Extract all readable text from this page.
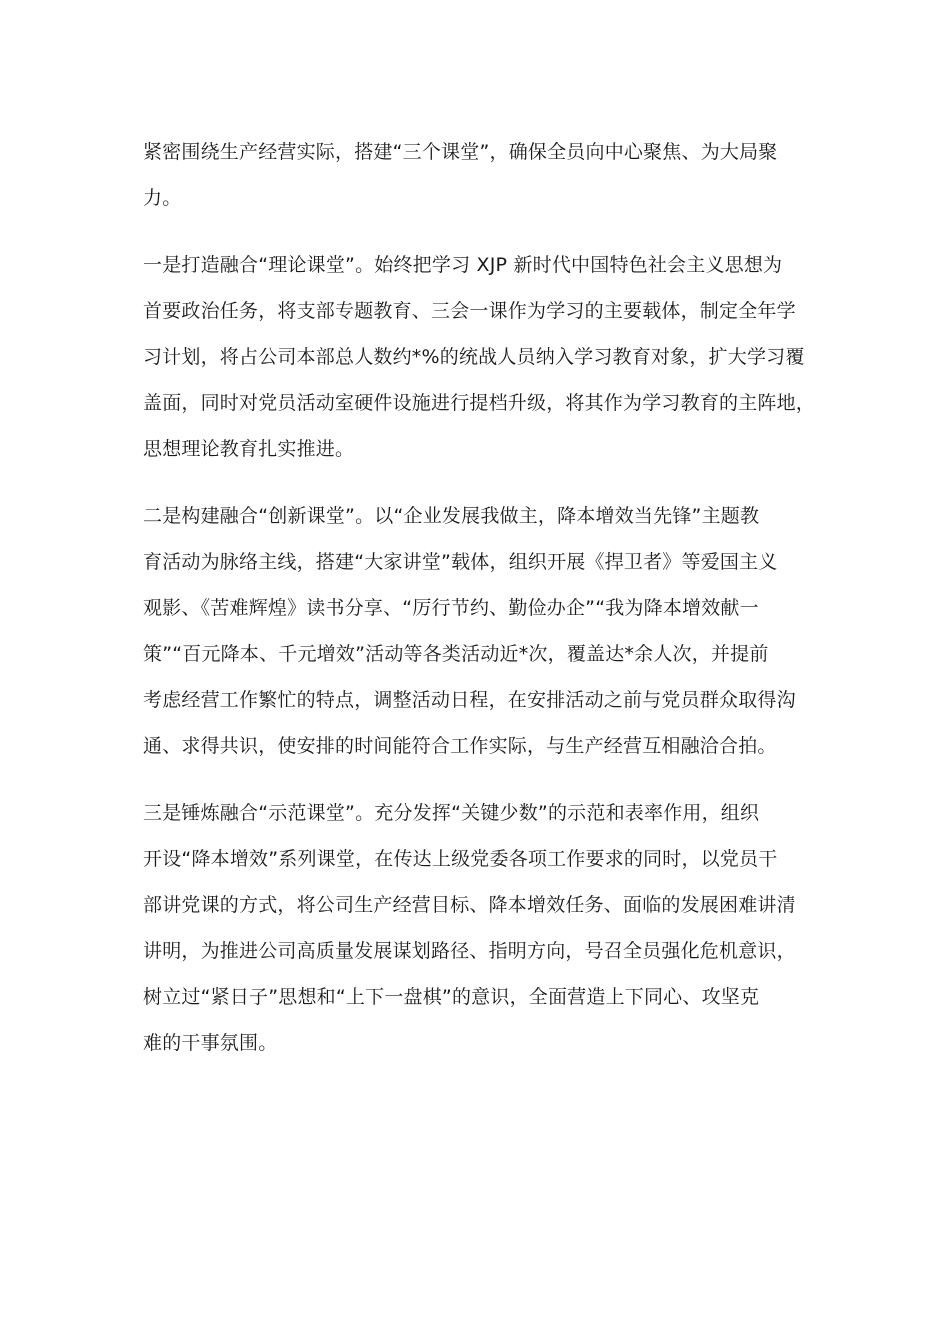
紧密围绕生产经营实际，搭建“三个课堂”，确保全员向中心聚焦、为大局聚
力。
一是打造融合“理论课堂”。始终把学习 XJP 新时代中国特色社会主义思想为
首要政治任务，将支部专题教育、三会一课作为学习的主要载体，制定全年学
习计划，将占公司本部总人数约*%的统战人员纳入学习教育对象，扩大学习覆
盖面，同时对党员活动室硬件设施进行提档升级，将其作为学习教育的主阵地，
思想理论教育扎实推进。
二是构建融合“创新课堂”。以“企业发展我做主，降本增效当先锋”主题教
育活动为脉络主线，搭建“大家讲堂”载体，组织开展《捍卫者》等爱国主义
观影、《苦难辉煌》读书分享、“厉行节约、勤俭办企”“我为降本增效献一
策”“百元降本、千元增效”活动等各类活动近*次，覆盖达*余人次，并提前
考虑经营工作繁忙的特点，调整活动日程，在安排活动之前与党员群众取得沟
通、求得共识，使安排的时间能符合工作实际，与生产经营互相融洽合拍。
三是锤炼融合“示范课堂”。充分发挥“关键少数”的示范和表率作用，组织
开设“降本增效”系列课堂，在传达上级党委各项工作要求的同时，以党员干
部讲党课的方式，将公司生产经营目标、降本增效任务、面临的发展困难讲清
讲明，为推进公司高质量发展谋划路径、指明方向，号召全员强化危机意识，
树立过“紧日子”思想和“上下一盘棋”的意识，全面营造上下同心、攻坚克
难的干事氛围。
